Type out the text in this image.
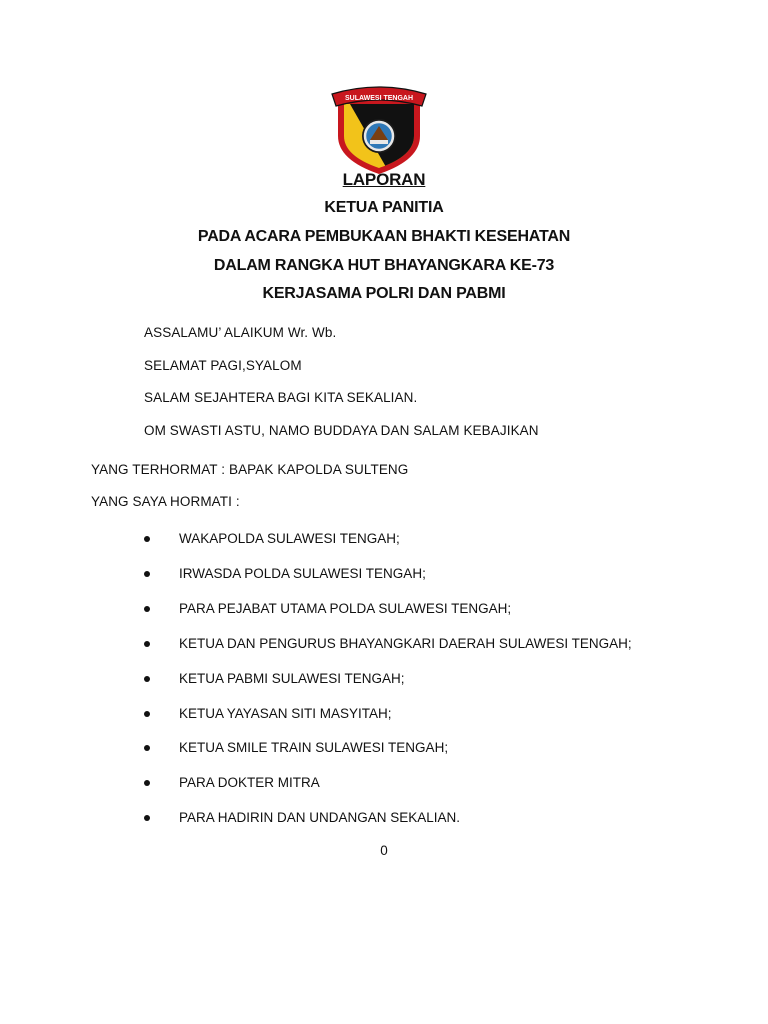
SULAWESI TENGAH
LAPORAN
KETUA PANITIA
PADA ACARA PEMBUKAAN BHAKTI KESEHATAN
DALAM RANGKA HUT BHAYANGKARA KE-73
KERJASAMA POLRI DAN PABMI
ASSALAMU’ ALAIKUM Wr. Wb.
SELAMAT PAGI,SYALOM
SALAM SEJAHTERA BAGI KITA SEKALIAN.
OM SWASTI ASTU, NAMO BUDDAYA DAN SALAM KEBAJIKAN
YANG TERHORMAT : BAPAK KAPOLDA SULTENG
YANG SAYA HORMATI :
WAKAPOLDA SULAWESI TENGAH;
IRWASDA POLDA SULAWESI TENGAH;
PARA PEJABAT UTAMA POLDA SULAWESI TENGAH;
KETUA DAN PENGURUS BHAYANGKARI DAERAH SULAWESI TENGAH;
KETUA PABMI SULAWESI TENGAH;
KETUA YAYASAN SITI MASYITAH;
KETUA SMILE TRAIN SULAWESI TENGAH;
PARA DOKTER MITRA
PARA HADIRIN DAN UNDANGAN SEKALIAN.
0
